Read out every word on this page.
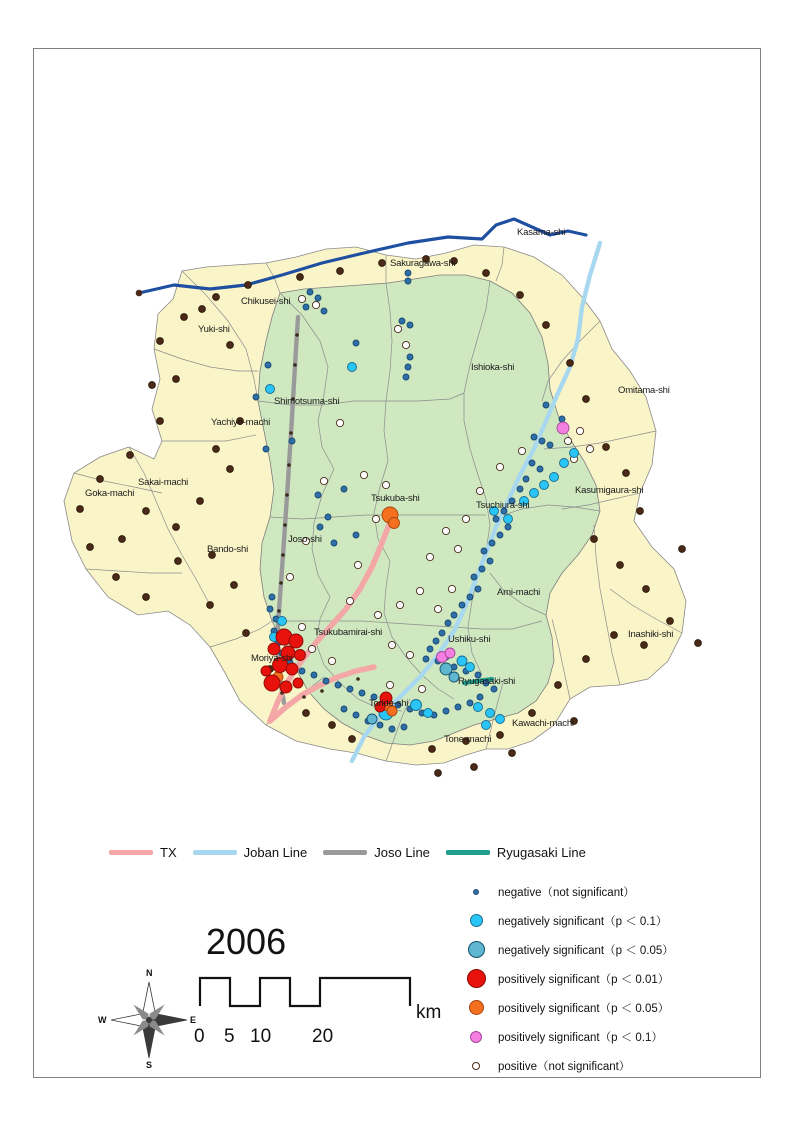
Kasama-shi
Sakuragawa-shi
Chikusei-shi
Yuki-shi
Ishioka-shi
Omitama-shi
Shimotsuma-shi
Yachiyo-machi
Sakai-machi
Goka-machi	Tsukuba-shi
Tsuchiura-shi
Kasumigaura-shi
Joso-shi
Bando-shi
Ami-machi
Tsukubamirai-shi
Ushiku-shi	Inashiki-shi
Moriya-shi
Ryugasaki-shi
Toride-shi
Kawachi-machi
Tone-machi
TX	Joban Line	Joso Line	Ryugasaki Line
negative（not significant）
negatively significant（p ＜ 0.1）
negatively significant（p ＜ 0.05）
positively significant（p ＜ 0.01）
positively significant（p ＜ 0.05）
positively significant（p ＜ 0.1）
positive（not significant）
2006
km
0 5 10 20
N
E
S
W
